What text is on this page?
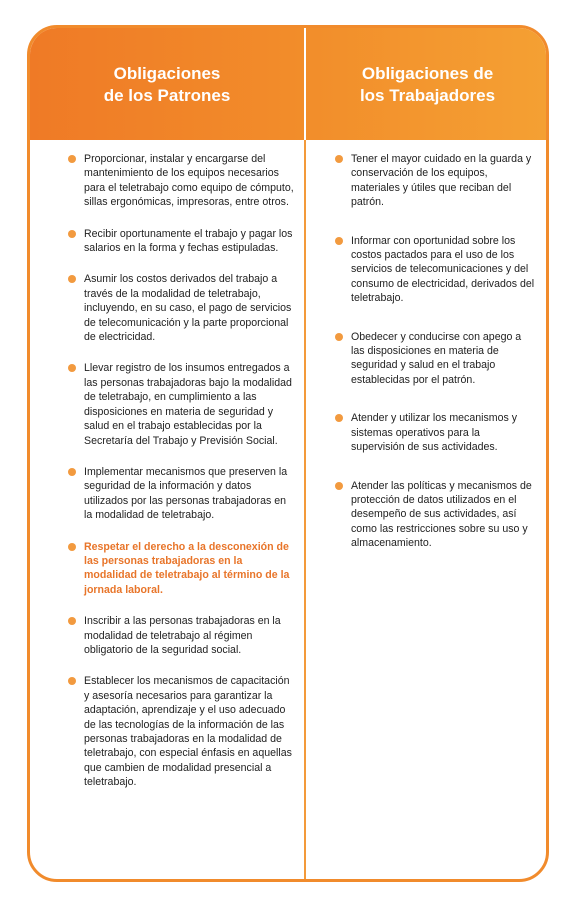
Obligaciones
de los Patrones
Obligaciones de
los Trabajadores
Proporcionar, instalar y encargarse del mantenimiento de los equipos necesarios para el teletrabajo como equipo de cómputo, sillas ergonómicas, impresoras, entre otros.
Recibir oportunamente el trabajo y pagar los salarios en la forma y fechas estipuladas.
Asumir los costos derivados del trabajo a través de la modalidad de teletrabajo, incluyendo, en su caso, el pago de servicios de telecomunicación y la parte proporcional de electricidad.
Llevar registro de los insumos entregados a las personas trabajadoras bajo la modalidad de teletrabajo, en cumplimiento a las disposiciones en materia de seguridad y salud en el trabajo establecidas por la Secretaría del Trabajo y Previsión Social.
Implementar mecanismos que preserven la seguridad de la información y datos utilizados por las personas trabajadoras en la modalidad de teletrabajo.
Respetar el derecho a la desconexión de las personas trabajadoras en la modalidad de teletrabajo al término de la jornada laboral.
Inscribir a las personas trabajadoras en la modalidad de teletrabajo al régimen obligatorio de la seguridad social.
Establecer los mecanismos de capacitación y asesoría necesarios para garantizar la adaptación, aprendizaje y el uso adecuado de las tecnologías de la información de las personas trabajadoras en la modalidad de teletrabajo, con especial énfasis en aquellas que cambien de modalidad presencial a teletrabajo.
Tener el mayor cuidado en la guarda y conservación de los equipos, materiales y útiles que reciban del patrón.
Informar con oportunidad sobre los costos pactados para el uso de los servicios de telecomunicaciones y del consumo de electricidad, derivados del teletrabajo.
Obedecer y conducirse con apego a las disposiciones en materia de seguridad y salud en el trabajo establecidas por el patrón.
Atender y utilizar los mecanismos y sistemas operativos para la supervisión de sus actividades.
Atender las políticas y mecanismos de protección de datos utilizados en el desempeño de sus actividades, así como las restricciones sobre su uso y almacenamiento.
